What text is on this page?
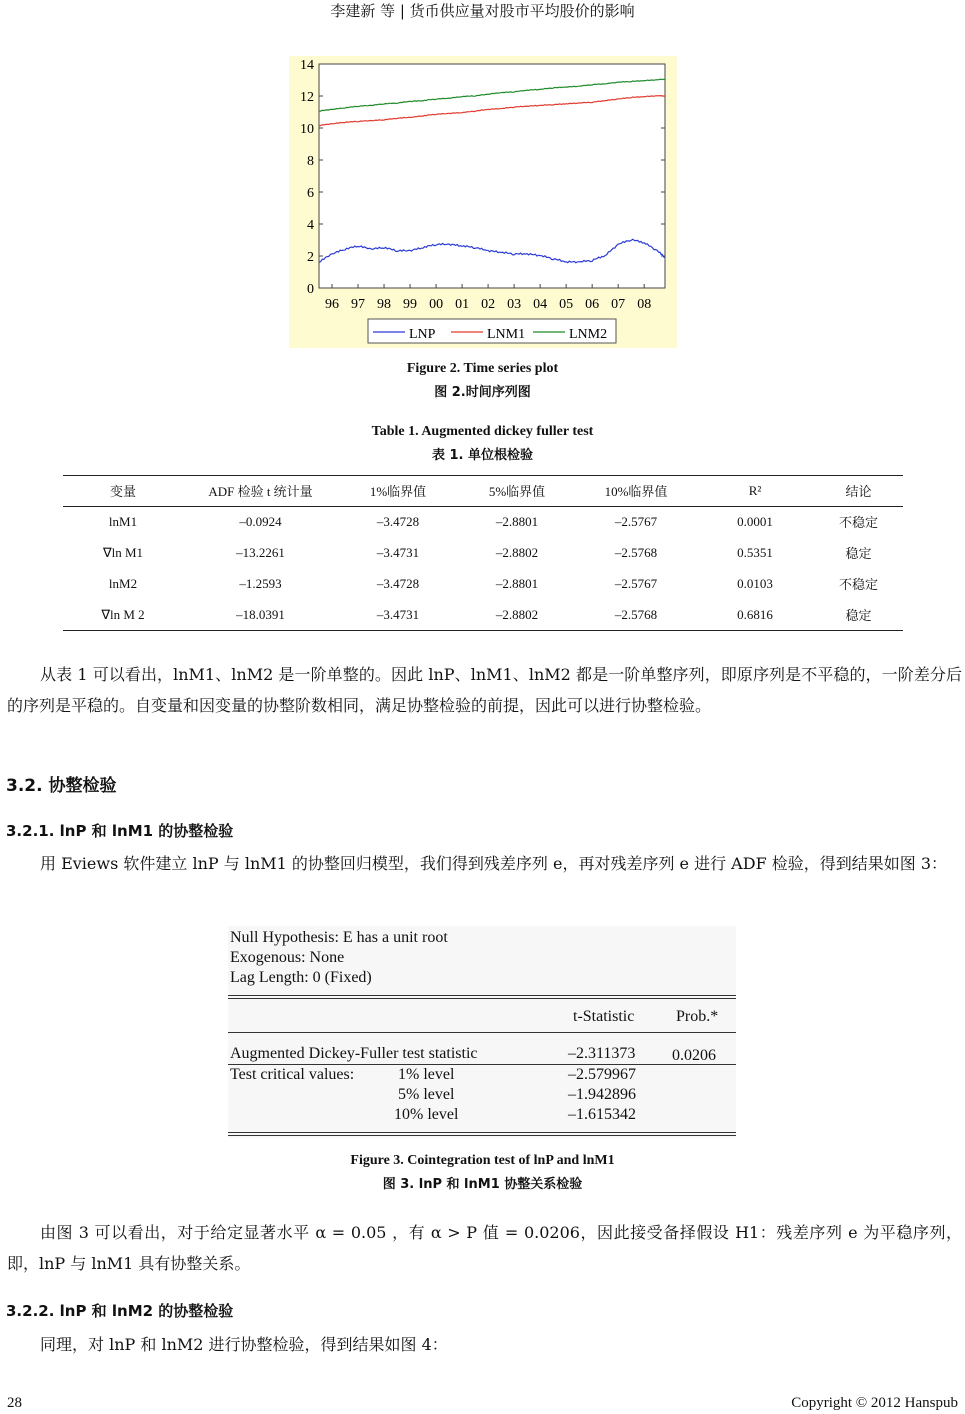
李建新 等 | 货币供应量对股市平均股价的影响
0
2
4
6
8
10
12
14
96 97 98 99 00 01 02 03 04 05 06 07 08
LNP	LNM1	LNM2
Figure 2. Time series plot
图 2.时间序列图
Table 1. Augmented dickey fuller test
表 1. 单位根检验
变量	ADF 检验 t 统计量	1%临界值	5%临界值	10%临界值	R²	结论
lnM1	–0.0924	–3.4728	–2.8801	–2.5767	0.0001	不稳定
∇ln M1	–13.2261	–3.4731	–2.8802	–2.5768	0.5351	稳定
lnM2	–1.2593	–3.4728	–2.8801	–2.5767	0.0103	不稳定
∇ln M 2	–18.0391	–3.4731	–2.8802	–2.5768	0.6816	稳定

从表 1 可以看出，lnM1、lnM2 是一阶单整的。因此 lnP、lnM1、lnM2 都是一阶单整序列，即原序列是不平稳的，一阶差分后的序列是平稳的。自变量和因变量的协整阶数相同，满足协整检验的前提，因此可以进行协整检验。

3.2. 协整检验
3.2.1. lnP 和 lnM1 的协整检验

用 Eviews 软件建立 lnP 与 lnM1 的协整回归模型，我们得到残差序列 e，再对残差序列 e 进行 ADF 检验，得到结果如图 3：

Null Hypothesis: E has a unit root
Exogenous: None
Lag Length: 0 (Fixed)
t-Statistic	Prob.*
Augmented Dickey-Fuller test statistic	–2.311373 0.0206
Test critical values:	1% level	–2.579967
5% level	–1.942896
10% level	–1.615342
Figure 3. Cointegration test of lnP and lnM1
图 3. lnP 和 lnM1 协整关系检验

由图 3 可以看出，对于给定显著水平 α = 0.05 ，有 α > P 值 = 0.0206，因此接受备择假设 H1：残差序列 e 为平稳序列，即，lnP 与 lnM1 具有协整关系。

3.2.2. lnP 和 lnM2 的协整检验

同理，对 lnP 和 lnM2 进行协整检验，得到结果如图 4：

28	Copyright © 2012 Hanspub
